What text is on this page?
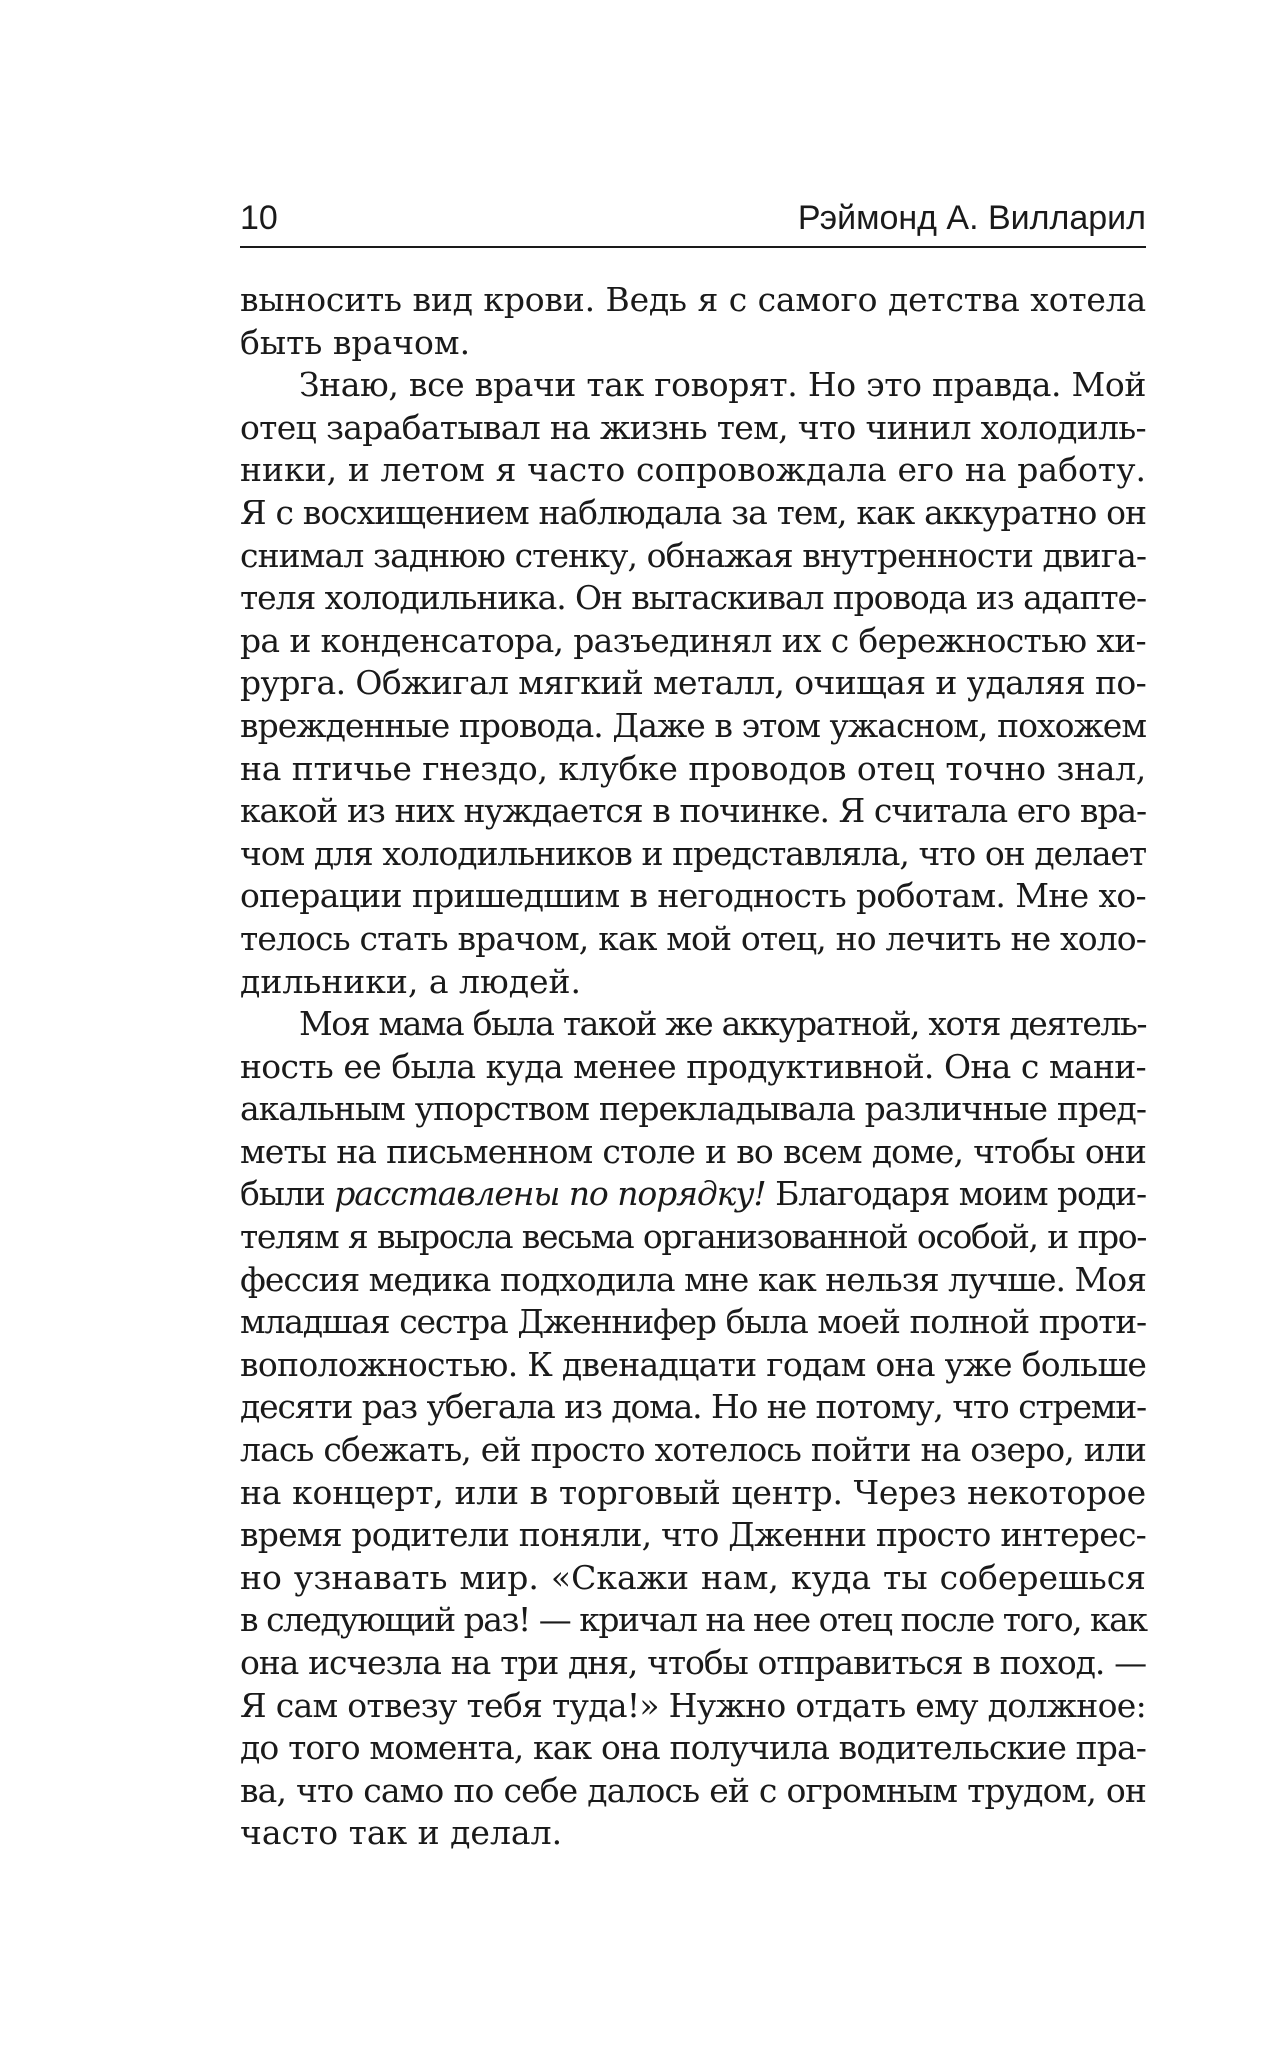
10	Рэймонд А. Вилларил
выносить вид крови. Ведь я с самого детства хотела
быть врачом.
Знаю, все врачи так говорят. Но это правда. Мой
отец зарабатывал на жизнь тем, что чинил холодиль-
ники, и летом я часто сопровождала его на работу.
Я с восхищением наблюдала за тем, как аккуратно он
снимал заднюю стенку, обнажая внутренности двига-
теля холодильника. Он вытаскивал провода из адапте-
ра и конденсатора, разъединял их с бережностью хи-
рурга. Обжигал мягкий металл, очищая и удаляя по-
врежденные провода. Даже в этом ужасном, похожем
на птичье гнездо, клубке проводов отец точно знал,
какой из них нуждается в починке. Я считала его вра-
чом для холодильников и представляла, что он делает
операции пришедшим в негодность роботам. Мне хо-
телось стать врачом, как мой отец, но лечить не холо-
дильники, а людей.
Моя мама была такой же аккуратной, хотя деятель-
ность ее была куда менее продуктивной. Она с мани-
акальным упорством перекладывала различные пред-
меты на письменном столе и во всем доме, чтобы они
были расставлены по порядку! Благодаря моим роди-
телям я выросла весьма организованной особой, и про-
фессия медика подходила мне как нельзя лучше. Моя
младшая сестра Дженнифер была моей полной проти-
воположностью. К двенадцати годам она уже больше
десяти раз убегала из дома. Но не потому, что стреми-
лась сбежать, ей просто хотелось пойти на озеро, или
на концерт, или в торговый центр. Через некоторое
время родители поняли, что Дженни просто интерес-
но узнавать мир. «Скажи нам, куда ты соберешься
в следующий раз! — кричал на нее отец после того, как
она исчезла на три дня, чтобы отправиться в поход. —
Я сам отвезу тебя туда!» Нужно отдать ему должное:
до того момента, как она получила водительские пра-
ва, что само по себе далось ей с огромным трудом, он
часто так и делал.
